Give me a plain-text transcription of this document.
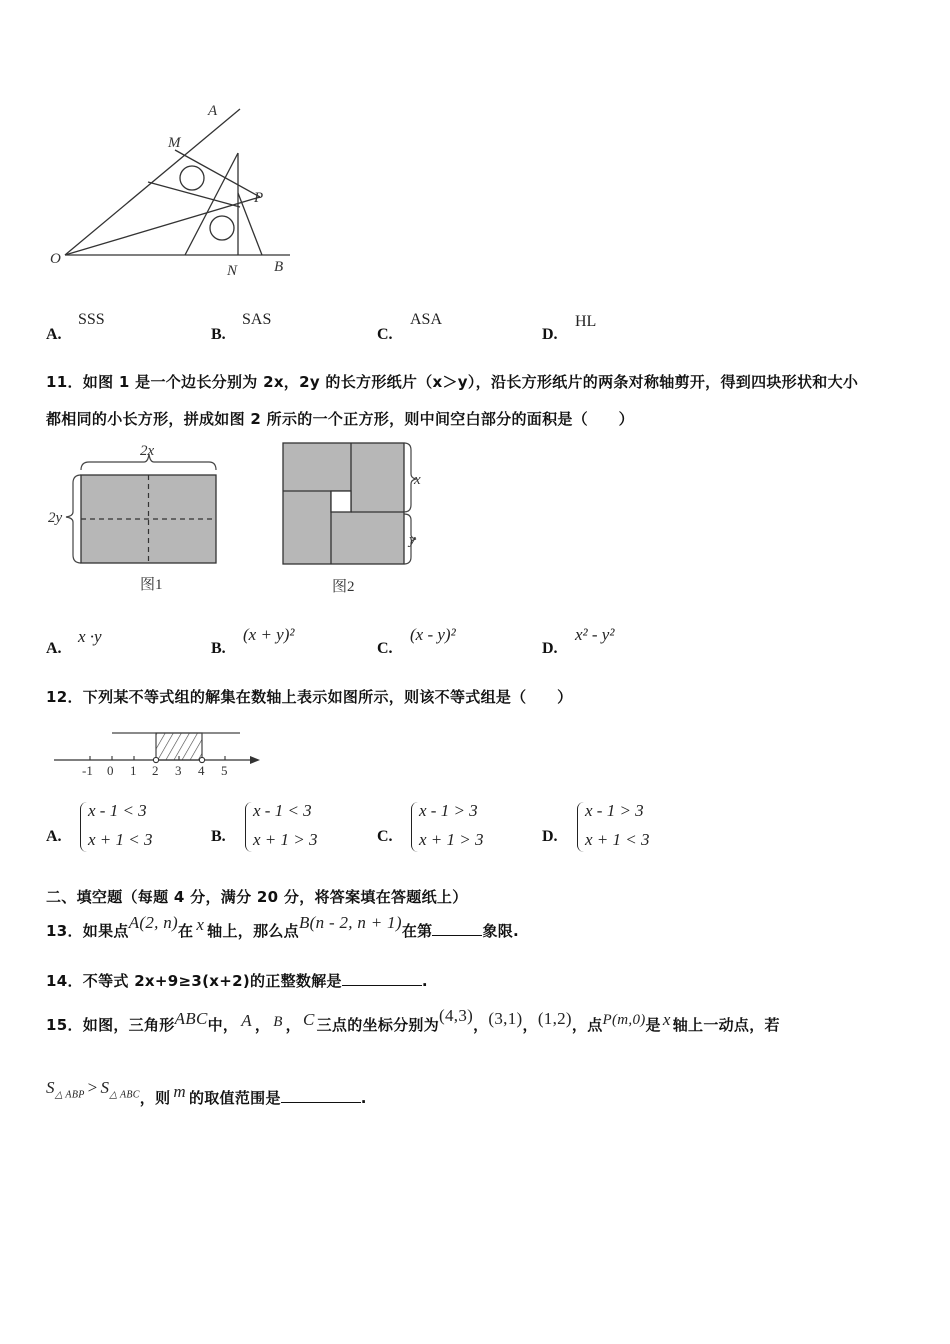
A
M
P
O
N B
A.
SSS
B.
SAS
C.
ASA
D.
HL
11．如图 1 是一个边长分别为 2x，2y 的长方形纸片（x＞y），沿长方形纸片的两条对称轴剪开，得到四块形状和大小
都相同的小长方形，拼成如图 2 所示的一个正方形，则中间空白部分的面积是（　　）
2x
2y
图1
x
y
图2
A.
x ·y
B.
(x + y)²
C.
(x - y)²
D.
x² - y²
12．下列某不等式组的解集在数轴上表示如图所示，则该不等式组是（　　）
-1 0 1 2 3 4 5
A.
x - 1 < 3
x + 1 < 3	B.
x - 1 < 3
x + 1 > 3	C.
x - 1 > 3
x + 1 > 3	D.
x - 1 > 3
x + 1 < 3
二、填空题（每题 4 分，满分 20 分，将答案填在答题纸上）
13．如果点A(2, n)在 x 轴上，那么点B(n - 2, n + 1)在第	象限.
14．不等式 2x+9≥3(x+2)的正整数解是	.
15．如图，三角形ABC中， A ， B ， C 三点的坐标分别为(4,3)，(3,1)，(1,2)，点P(m,0)是 x 轴上一动点，若
$S_{\triangle ABP} > S_{\triangle ABC}$，则 m 的取值范围是	.
